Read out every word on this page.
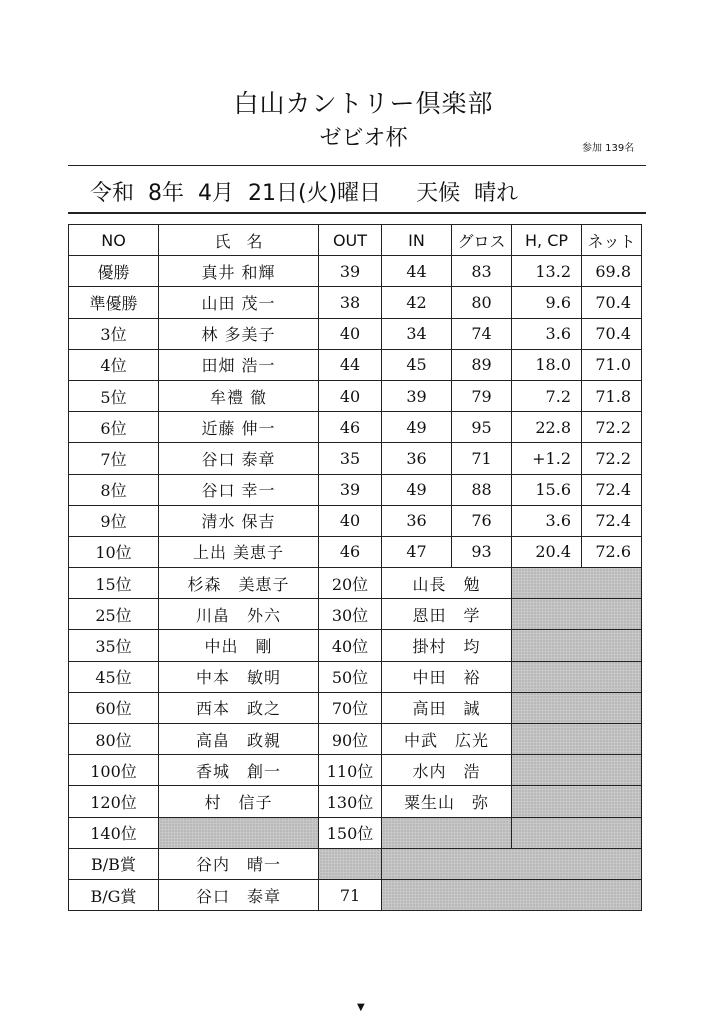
白山カントリー倶楽部
ゼビオ杯	参加 139名
令和  8年  4月  21日(火)曜日     天候  晴れ
NO	氏　名	OUT	IN	グロス	H, CP	ネット
優勝	真井 和輝	39	44	83	13.2	69.8
準優勝	山田 茂一	38	42	80	9.6	70.4
3位	林 多美子	40	34	74	3.6	70.4
4位	田畑 浩一	44	45	89	18.0	71.0
5位	牟禮 徹	40	39	79	7.2	71.8
6位	近藤 伸一	46	49	95	22.8	72.2
7位	谷口 泰章	35	36	71	+1.2	72.2
8位	谷口 幸一	39	49	88	15.6	72.4
9位	清水 保吉	40	36	76	3.6	72.4
10位	上出 美恵子	46	47	93	20.4	72.6
15位	杉森　美恵子	20位	山長　勉			
25位	川畠　外六	30位	恩田　学			
35位	中出　剛	40位	掛村　均			
45位	中本　敏明	50位	中田　裕			
60位	西本　政之	70位	高田　誠			
80位	高畠　政親	90位	中武　広光			
100位	香城　創一	110位	水内　浩			
120位	村　信子	130位	粟生山　弥			
140位		150位				
B/B賞	谷内　晴一					
B/G賞	谷口　泰章	71				
▼
